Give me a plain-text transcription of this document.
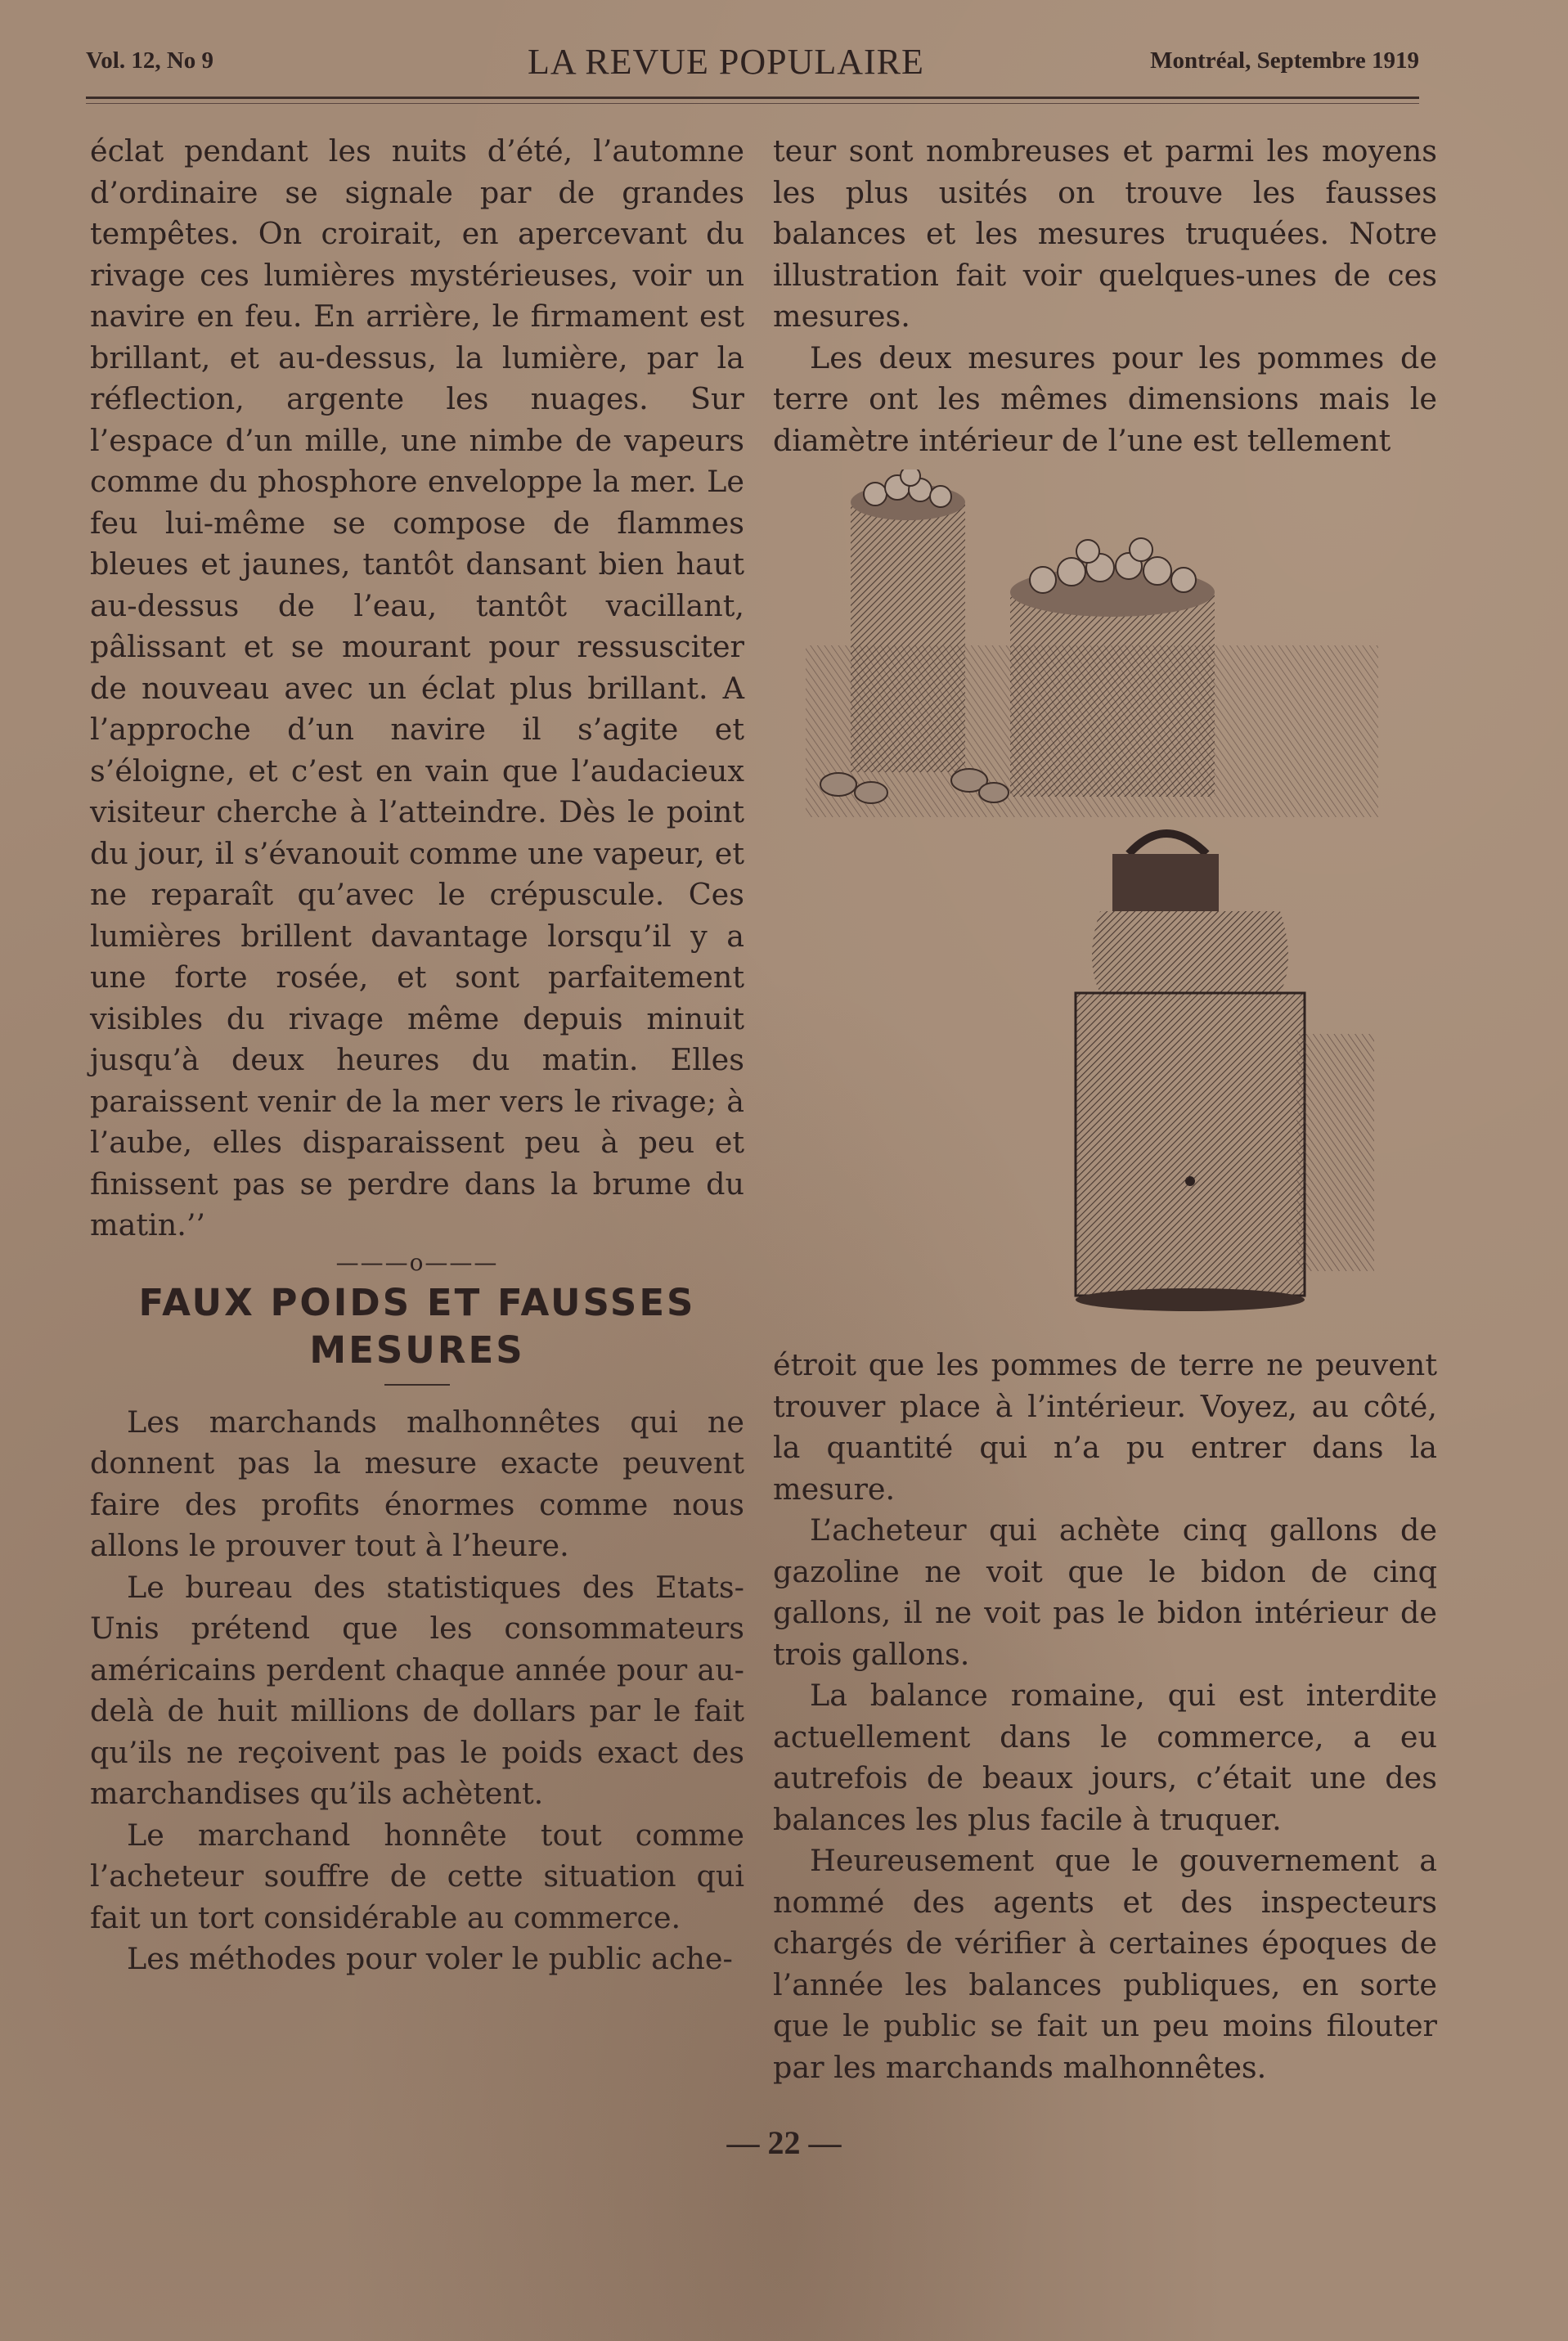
Vol. 12, No 9	LA REVUE POPULAIRE	Montréal, Septembre 1919

éclat pendant les nuits d’été, l’automne d’ordinaire se signale par de grandes tempêtes. On croirait, en apercevant du rivage ces lumières mystérieuses, voir un navire en feu. En arrière, le firmament est brillant, et au-dessus, la lumière, par la réflection, argente les nuages. Sur l’espace d’un mille, une nimbe de vapeurs comme du phosphore enveloppe la mer. Le feu lui-même se compose de flammes bleues et jaunes, tantôt dansant bien haut au-dessus de l’eau, tantôt vacillant, pâlissant et se mourant pour ressusciter de nouveau avec un éclat plus brillant. A l’approche d’un navire il s’agite et s’éloigne, et c’est en vain que l’audacieux visiteur cherche à l’atteindre. Dès le point du jour, il s’évanouit comme une vapeur, et ne reparaît qu’avec le crépuscule. Ces lumières brillent davantage lorsqu’il y a une forte rosée, et sont parfaitement visibles du rivage même depuis minuit jusqu’à deux heures du matin. Elles paraissent venir de la mer vers le rivage; à l’aube, elles disparaissent peu à peu et finissent pas se perdre dans la brume du matin.’’

———o———

FAUX POIDS ET FAUSSES MESURES

Les marchands malhonnêtes qui ne donnent pas la mesure exacte peuvent faire des profits énormes comme nous allons le prouver tout à l’heure.

Le bureau des statistiques des Etats-Unis prétend que les consommateurs américains perdent chaque année pour au-delà de huit millions de dollars par le fait qu’ils ne reçoivent pas le poids exact des marchandises qu’ils achètent.

Le marchand honnête tout comme l’acheteur souffre de cette situation qui fait un tort considérable au commerce.

Les méthodes pour voler le public ache-

teur sont nombreuses et parmi les moyens les plus usités on trouve les fausses balances et les mesures truquées. Notre illustration fait voir quelques-unes de ces mesures.

Les deux mesures pour les pommes de terre ont les mêmes dimensions mais le diamètre intérieur de l’une est tellement

étroit que les pommes de terre ne peuvent trouver place à l’intérieur. Voyez, au côté, la quantité qui n’a pu entrer dans la mesure.

L’acheteur qui achète cinq gallons de gazoline ne voit que le bidon de cinq gallons, il ne voit pas le bidon intérieur de trois gallons.

La balance romaine, qui est interdite actuellement dans le commerce, a eu autrefois de beaux jours, c’était une des balances les plus facile à truquer.

Heureusement que le gouvernement a nommé des agents et des inspecteurs chargés de vérifier à certaines époques de l’année les balances publiques, en sorte que le public se fait un peu moins filouter par les marchands malhonnêtes.

— 22 —
